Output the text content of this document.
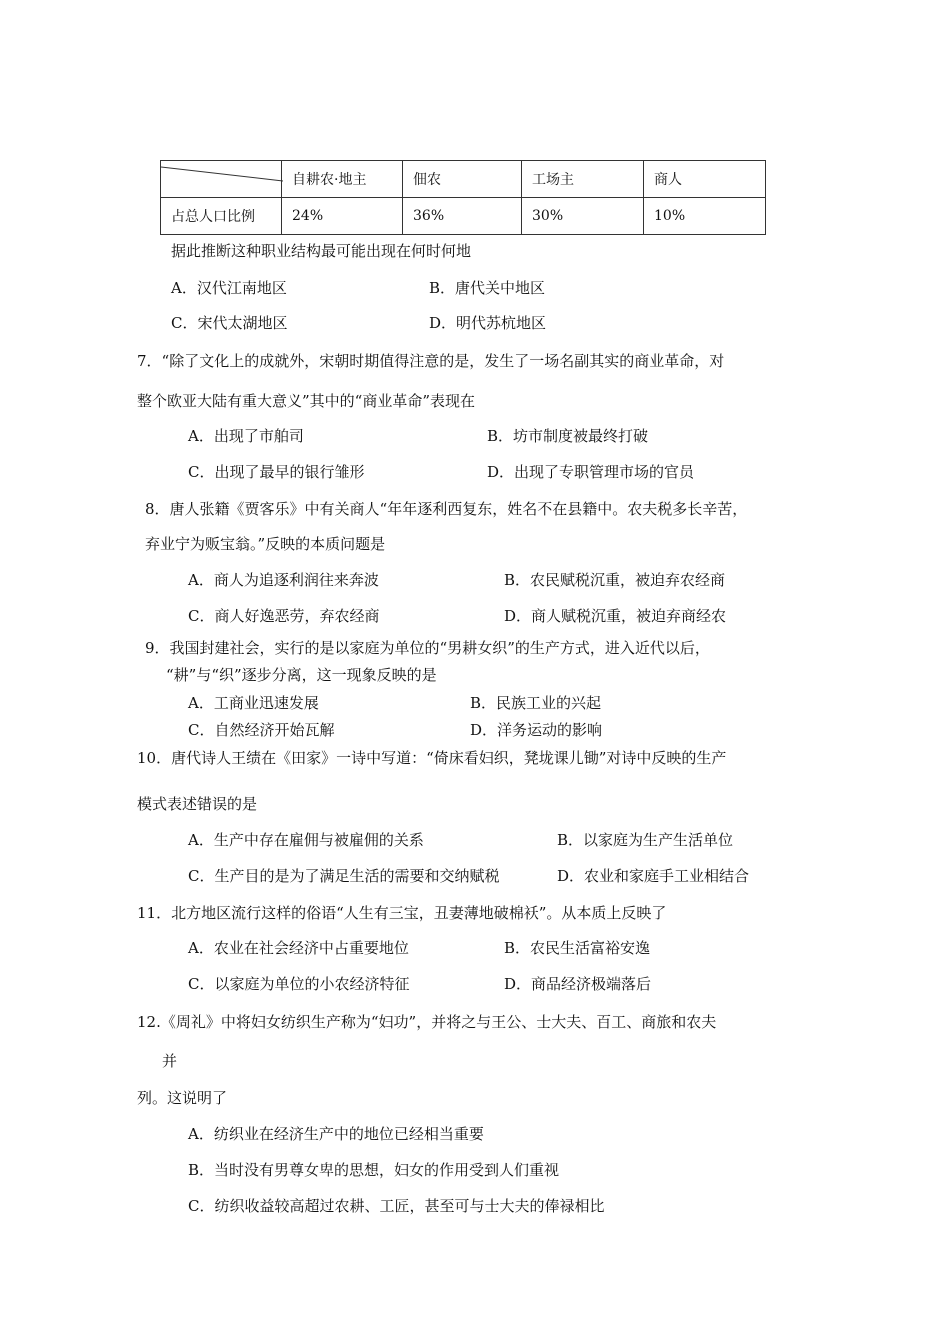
	自耕农·地主	佃农	工场主	商人
占总人口比例	24%	36%	30%	10%
据此推断这种职业结构最可能出现在何时何地
A．汉代江南地区	B．唐代关中地区
C．宋代太湖地区	D．明代苏杭地区
7．“除了文化上的成就外，宋朝时期值得注意的是，发生了一场名副其实的商业革命，对
整个欧亚大陆有重大意义”其中的“商业革命”表现在
A．出现了市舶司	B．坊市制度被最终打破
C．出现了最早的银行雏形	D．出现了专职管理市场的官员
8．唐人张籍《贾客乐》中有关商人“年年逐利西复东，姓名不在县籍中。农夫税多长辛苦，
弃业宁为贩宝翁。”反映的本质问题是
A．商人为追逐利润往来奔波	B．农民赋税沉重，被迫弃农经商
C．商人好逸恶劳，弃农经商	D．商人赋税沉重，被迫弃商经农
9．我国封建社会，实行的是以家庭为单位的“男耕女织”的生产方式，进入近代以后，
“耕”与“织”逐步分离，这一现象反映的是
A．工商业迅速发展	B．民族工业的兴起
C．自然经济开始瓦解	D．洋务运动的影响
10．唐代诗人王绩在《田家》一诗中写道：“倚床看妇织，凳垅课儿锄”对诗中反映的生产
模式表述错误的是
A．生产中存在雇佣与被雇佣的关系	B．以家庭为生产生活单位
C．生产目的是为了满足生活的需要和交纳赋税	D．农业和家庭手工业相结合
11．北方地区流行这样的俗语“人生有三宝，丑妻薄地破棉袄”。从本质上反映了
A．农业在社会经济中占重要地位	B．农民生活富裕安逸
C．以家庭为单位的小农经济特征	D．商品经济极端落后
12.《周礼》中将妇女纺织生产称为“妇功”，并将之与王公、士大夫、百工、商旅和农夫
并
列。这说明了
A．纺织业在经济生产中的地位已经相当重要
B．当时没有男尊女卑的思想，妇女的作用受到人们重视
C．纺织收益较高超过农耕、工匠，甚至可与士大夫的俸禄相比
